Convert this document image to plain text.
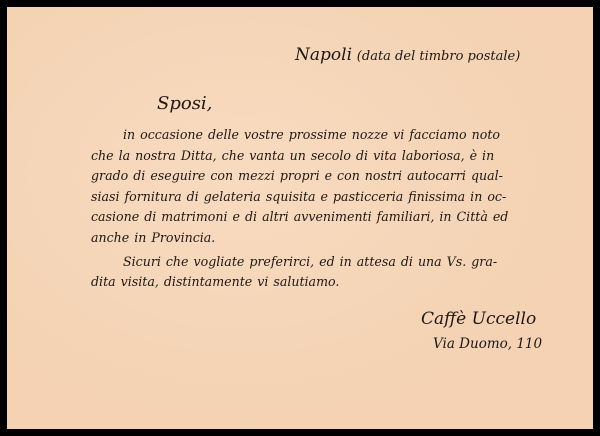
Napoli (data del timbro postale)

Sposi,

in occasione delle vostre prossime nozze vi facciamo noto
che la nostra Ditta, che vanta un secolo di vita laboriosa, è in
grado di eseguire con mezzi propri e con nostri autocarri qual-
siasi fornitura di gelateria squisita e pasticceria finissima in oc-
casione di matrimoni e di altri avvenimenti familiari, in Città ed
anche in Provincia.
Sicuri che vogliate preferirci, ed in attesa di una Vs. gra-
dita visita, distintamente vi salutiamo.

Caffè Uccello

Via Duomo, 110
